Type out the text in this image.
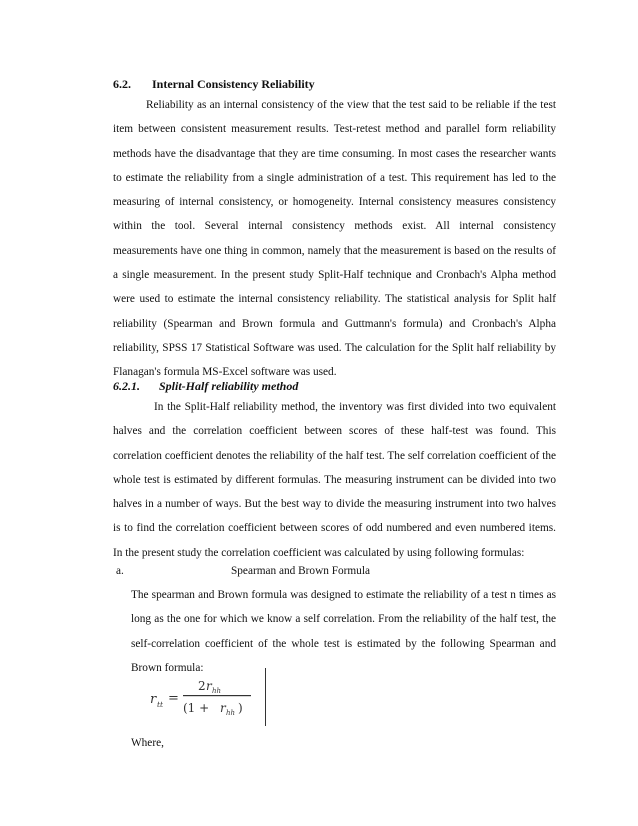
6.2. Internal Consistency Reliability

Reliability as an internal consistency of the view that the test said to be reliable if the test item between consistent measurement results. Test-retest method and parallel form reliability methods have the disadvantage that they are time consuming. In most cases the researcher wants to estimate the reliability from a single administration of a test. This requirement has led to the measuring of internal consistency, or homogeneity. Internal consistency measures consistency within the tool. Several internal consistency methods exist. All internal consistency measurements have one thing in common, namely that the measurement is based on the results of a single measurement. In the present study Split-Half technique and Cronbach's Alpha method were used to estimate the internal consistency reliability. The statistical analysis for Split half reliability (Spearman and Brown formula and Guttmann's formula) and Cronbach's Alpha reliability, SPSS 17 Statistical Software was used. The calculation for the Split half reliability by Flanagan's formula MS-Excel software was used.

6.2.1. Split-Half reliability method

In the Split-Half reliability method, the inventory was first divided into two equivalent halves and the correlation coefficient between scores of these half-test was found. This correlation coefficient denotes the reliability of the half test. The self correlation coefficient of the whole test is estimated by different formulas. The measuring instrument can be divided into two halves in a number of ways. But the best way to divide the measuring instrument into two halves is to find the correlation coefficient between scores of odd numbered and even numbered items. In the present study the correlation coefficient was calculated by using following formulas:

a.	Spearman and Brown Formula

The spearman and Brown formula was designed to estimate the reliability of a test n times as long as the one for which we know a self correlation. From the reliability of the half test, the self-correlation coefficient of the whole test is estimated by the following Spearman and Brown formula:

r tt =
2 r hh
(1 + r hh )
Where,
